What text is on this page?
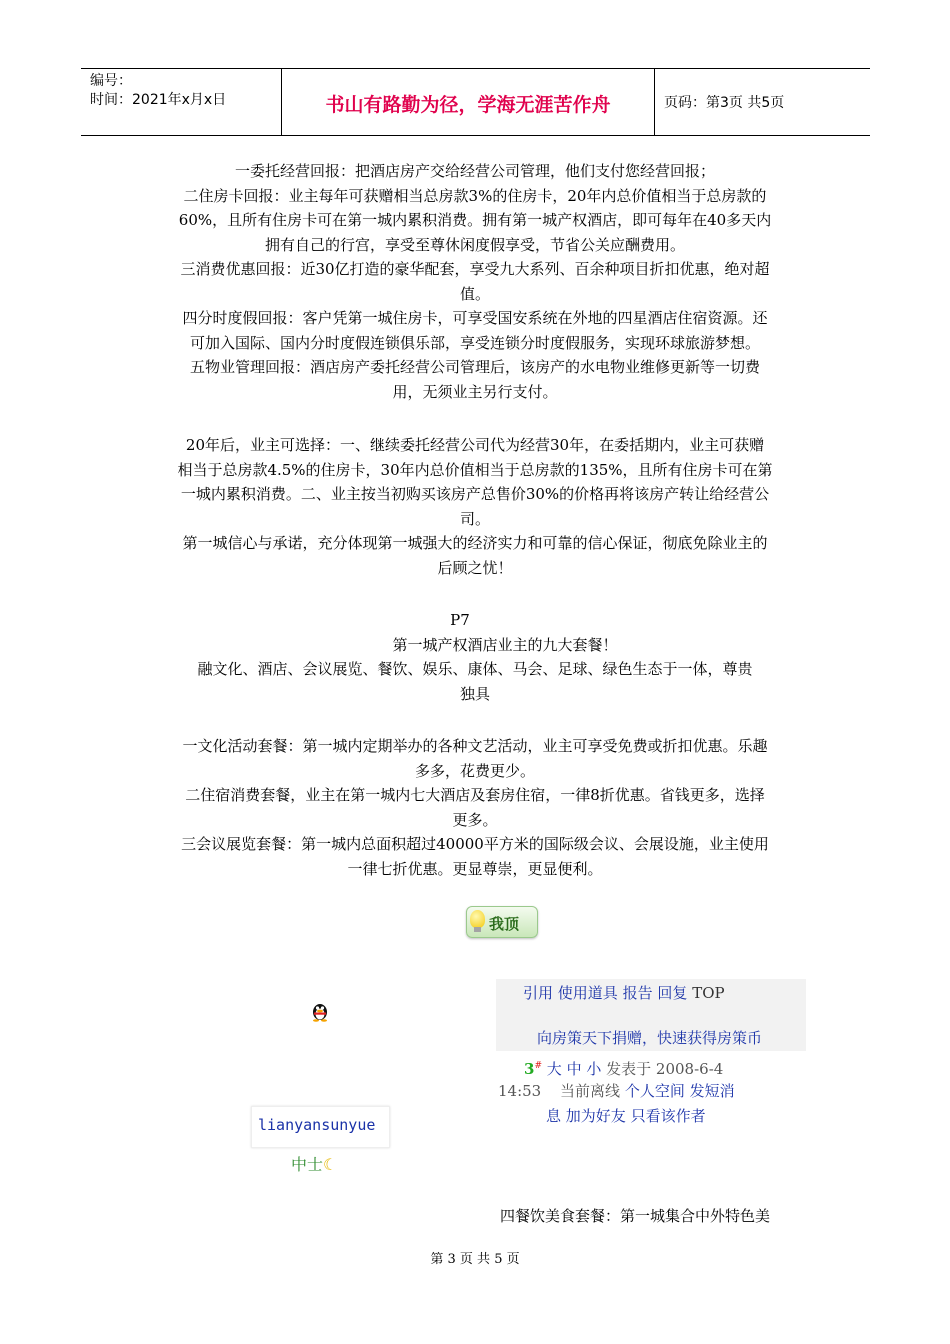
编号：
时间：2021年x月x日	书山有路勤为径，学海无涯苦作舟	页码：第3页 共5页
一委托经营回报：把酒店房产交给经营公司管理，他们支付您经营回报；
二住房卡回报：业主每年可获赠相当总房款3%的住房卡，20年内总价值相当于总房款的
60%，且所有住房卡可在第一城内累积消费。拥有第一城产权酒店，即可每年在40多天内
拥有自己的行宫，享受至尊休闲度假享受，节省公关应酬费用。
三消费优惠回报：近30亿打造的豪华配套，享受九大系列、百余种项目折扣优惠，绝对超
值。
四分时度假回报：客户凭第一城住房卡，可享受国安系统在外地的四星酒店住宿资源。还
可加入国际、国内分时度假连锁俱乐部，享受连锁分时度假服务，实现环球旅游梦想。
五物业管理回报：酒店房产委托经营公司管理后，该房产的水电物业维修更新等一切费
用，无须业主另行支付。
20年后，业主可选择：一、继续委托经营公司代为经营30年，在委括期内，业主可获赠
相当于总房款4.5%的住房卡，30年内总价值相当于总房款的135%，且所有住房卡可在第
一城内累积消费。二、业主按当初购买该房产总售价30%的价格再将该房产转让给经营公
司。
第一城信心与承诺，充分体现第一城强大的经济实力和可靠的信心保证，彻底免除业主的
后顾之忧！
P7
第一城产权酒店业主的九大套餐！
融文化、酒店、会议展览、餐饮、娱乐、康体、马会、足球、绿色生态于一体，尊贵
独具
一文化活动套餐：第一城内定期举办的各种文艺活动，业主可享受免费或折扣优惠。乐趣
多多，花费更少。
二住宿消费套餐，业主在第一城内七大酒店及套房住宿，一律8折优惠。省钱更多，选择
更多。
三会议展览套餐：第一城内总面积超过40000平方米的国际级会议、会展设施，业主使用
一律七折优惠。更显尊崇，更显便利。
我顶
引用 使用道具 报告 回复 TOP
向房策天下捐赠，快速获得房策币
3# 大 中 小 发表于 2008-6-4
14:53 当前离线 个人空间 发短消
息 加为好友 只看该作者
lianyansunyue
中士☾
四餐饮美食套餐：第一城集合中外特色美
第 3 页 共 5 页
